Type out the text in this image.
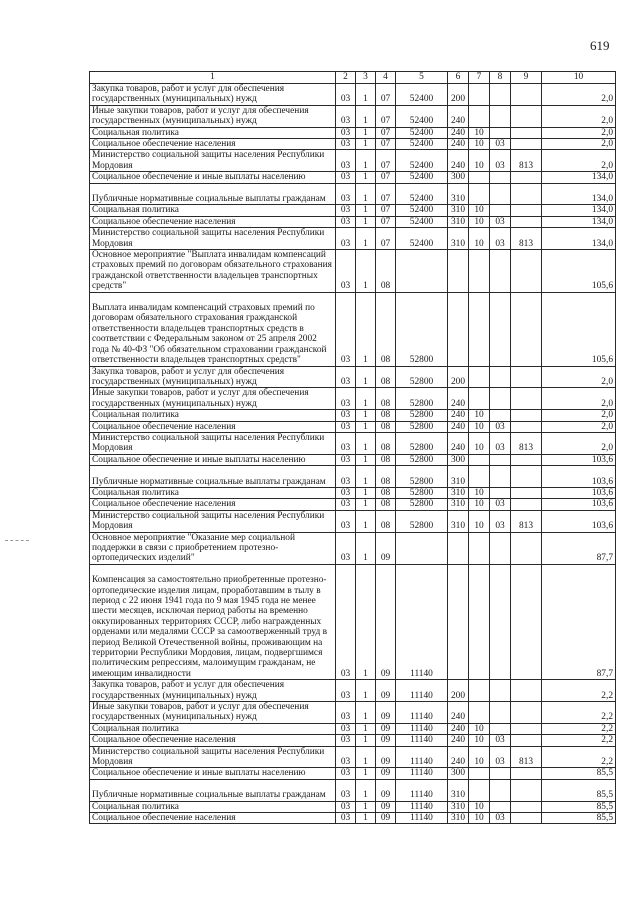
619
1	2	3	4	5	6	7	8	9	10
Закупка товаров, работ и услуг для обеспечения государственных (муниципальных) нужд	03	1	07	52400	200				2,0
Иные закупки товаров, работ и услуг для обеспечения государственных (муниципальных) нужд	03	1	07	52400	240				2,0
Социальная политика	03	1	07	52400	240	10			2,0
Социальное обеспечение населения	03	1	07	52400	240	10	03		2,0
Министерство социальной защиты населения Республики Мордовия	03	1	07	52400	240	10	03	813	2,0
Социальное обеспечение и иные выплаты населению	03	1	07	52400	300				134,0
Публичные нормативные социальные выплаты гражданам	03	1	07	52400	310				134,0
Социальная политика	03	1	07	52400	310	10			134,0
Социальное обеспечение населения	03	1	07	52400	310	10	03		134,0
Министерство социальной защиты населения Республики Мордовия	03	1	07	52400	310	10	03	813	134,0
Основное мероприятие "Выплата инвалидам компенсаций страховых премий по договорам обязательного страхования гражданской ответственности владельцев транспортных средств"	03	1	08						105,6
Выплата инвалидам компенсаций страховых премий по договорам обязательного страхования гражданской ответственности владельцев транспортных средств в соответствии с Федеральным законом от 25 апреля 2002 года № 40-ФЗ "Об обязательном страховании гражданской ответственности владельцев транспортных средств"	03	1	08	52800					105,6
Закупка товаров, работ и услуг для обеспечения государственных (муниципальных) нужд	03	1	08	52800	200				2,0
Иные закупки товаров, работ и услуг для обеспечения государственных (муниципальных) нужд	03	1	08	52800	240				2,0
Социальная политика	03	1	08	52800	240	10			2,0
Социальное обеспечение населения	03	1	08	52800	240	10	03		2,0
Министерство социальной защиты населения Республики Мордовия	03	1	08	52800	240	10	03	813	2,0
Социальное обеспечение и иные выплаты населению	03	1	08	52800	300				103,6
Публичные нормативные социальные выплаты гражданам	03	1	08	52800	310				103,6
Социальная политика	03	1	08	52800	310	10			103,6
Социальное обеспечение населения	03	1	08	52800	310	10	03		103,6
Министерство социальной защиты населения Республики Мордовия	03	1	08	52800	310	10	03	813	103,6
Основное мероприятие "Оказание мер социальной поддержки в связи с приобретением протезно-ортопедических изделий"	03	1	09						87,7
Компенсация за самостоятельно приобретенные протезно-ортопедические изделия лицам, проработавшим в тылу в период с 22 июня 1941 года по 9 мая 1945 года не менее шести месяцев, исключая период работы на временно оккупированных территориях СССР, либо награжденных орденами или медалями СССР за самоотверженный труд в период Великой Отечественной войны, проживающим на территории Республики Мордовия, лицам, подвергшимся политическим репрессиям, малоимущим гражданам, не имеющим инвалидности	03	1	09	11140					87,7
Закупка товаров, работ и услуг для обеспечения государственных (муниципальных) нужд	03	1	09	11140	200				2,2
Иные закупки товаров, работ и услуг для обеспечения государственных (муниципальных) нужд	03	1	09	11140	240				2,2
Социальная политика	03	1	09	11140	240	10			2,2
Социальное обеспечение населения	03	1	09	11140	240	10	03		2,2
Министерство социальной защиты населения Республики Мордовия	03	1	09	11140	240	10	03	813	2,2
Социальное обеспечение и иные выплаты населению	03	1	09	11140	300				85,5
Публичные нормативные социальные выплаты гражданам	03	1	09	11140	310				85,5
Социальная политика	03	1	09	11140	310	10			85,5
Социальное обеспечение населения	03	1	09	11140	310	10	03		85,5
